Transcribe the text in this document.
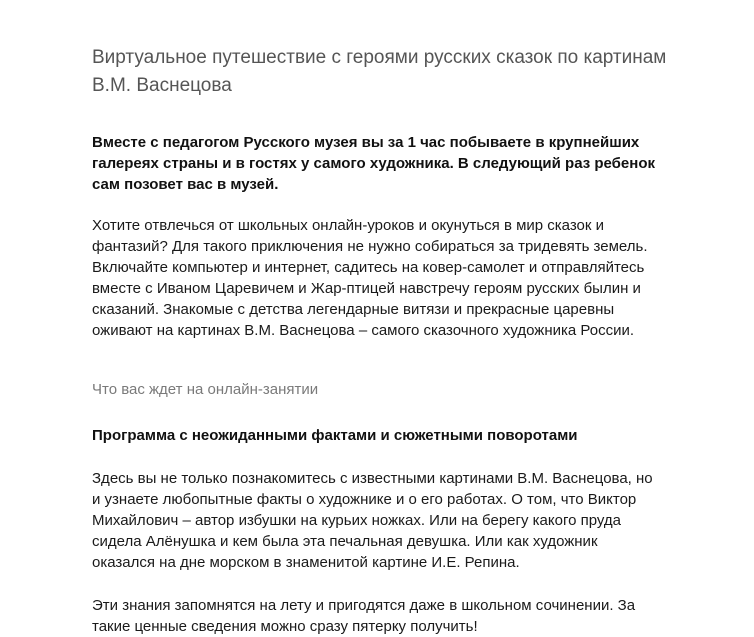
Виртуальное путешествие с героями русских сказок по картинам В.М. Васнецова

Вместе с педагогом Русского музея вы за 1 час побываете в крупнейших галереях страны и в гостях у самого художника. В следующий раз ребенок сам позовет вас в музей.

Хотите отвлечься от школьных онлайн-уроков и окунуться в мир сказок и фантазий? Для такого приключения не нужно собираться за тридевять земель. Включайте компьютер и интернет, садитесь на ковер-самолет и отправляйтесь вместе с Иваном Царевичем и Жар-птицей навстречу героям русских былин и сказаний. Знакомые с детства легендарные витязи и прекрасные царевны оживают на картинах В.М. Васнецова – самого сказочного художника России.

Что вас ждет на онлайн-занятии
Программа с неожиданными фактами и сюжетными поворотами

Здесь вы не только познакомитесь с известными картинами В.М. Васнецова, но и узнаете любопытные факты о художнике и о его работах. О том, что Виктор Михайлович – автор избушки на курьих ножках. Или на берегу какого пруда сидела Алёнушка и кем была эта печальная девушка. Или как художник оказался на дне морском в знаменитой картине И.Е. Репина.

Эти знания запомнятся на лету и пригодятся даже в школьном сочинении. За такие ценные сведения можно сразу пятерку получить!
